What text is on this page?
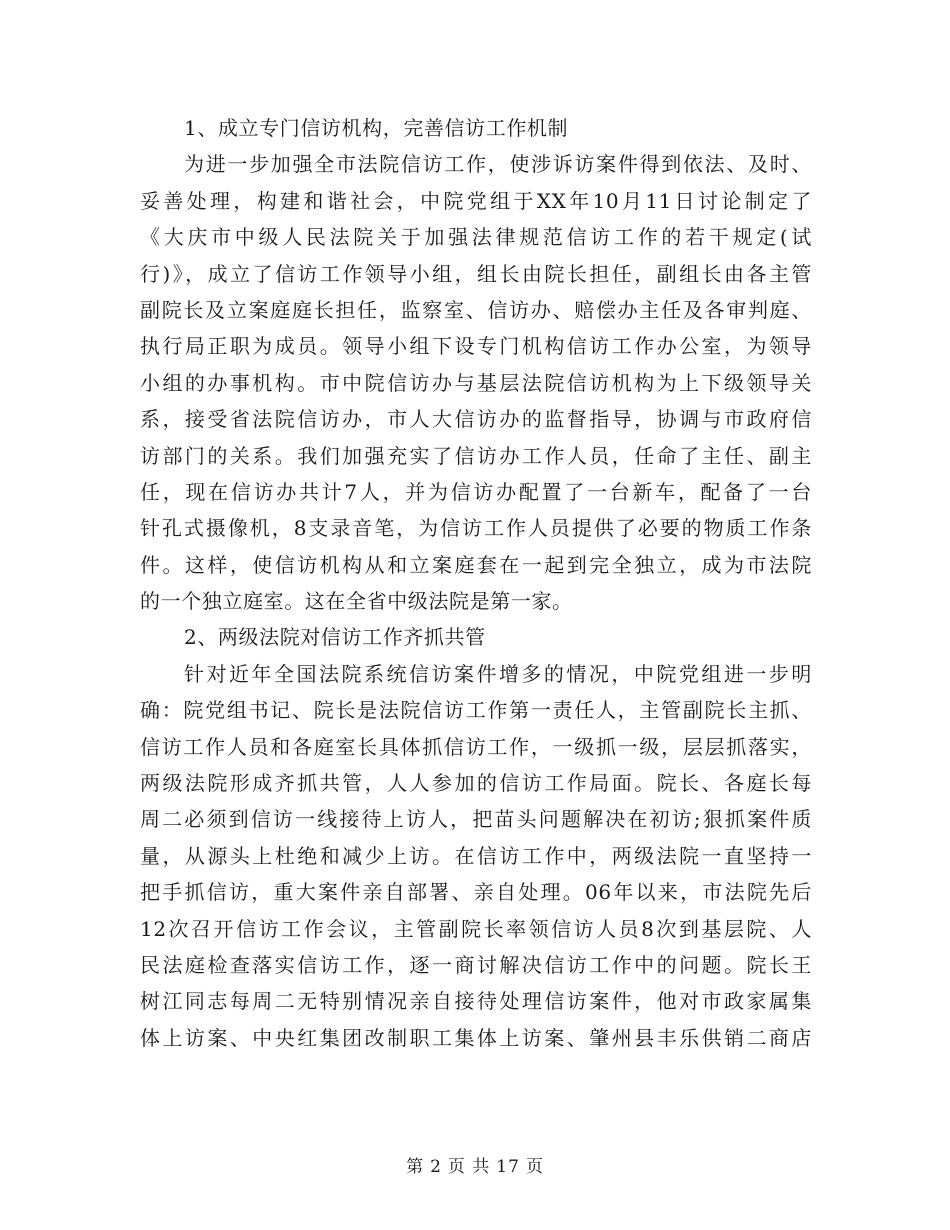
1、成立专门信访机构，完善信访工作机制
为进一步加强全市法院信访工作，使涉诉访案件得到依法、及时、
妥善处理，构建和谐社会，中院党组于XX年10月11日讨论制定了
《大庆市中级人民法院关于加强法律规范信访工作的若干规定(试
行)》，成立了信访工作领导小组，组长由院长担任，副组长由各主管
副院长及立案庭庭长担任，监察室、信访办、赔偿办主任及各审判庭、
执行局正职为成员。领导小组下设专门机构信访工作办公室，为领导
小组的办事机构。市中院信访办与基层法院信访机构为上下级领导关
系，接受省法院信访办，市人大信访办的监督指导，协调与市政府信
访部门的关系。我们加强充实了信访办工作人员，任命了主任、副主
任，现在信访办共计7人，并为信访办配置了一台新车，配备了一台
针孔式摄像机，8支录音笔，为信访工作人员提供了必要的物质工作条
件。这样，使信访机构从和立案庭套在一起到完全独立，成为市法院
的一个独立庭室。这在全省中级法院是第一家。
2、两级法院对信访工作齐抓共管
针对近年全国法院系统信访案件增多的情况，中院党组进一步明
确：院党组书记、院长是法院信访工作第一责任人，主管副院长主抓、
信访工作人员和各庭室长具体抓信访工作，一级抓一级，层层抓落实，
两级法院形成齐抓共管，人人参加的信访工作局面。院长、各庭长每
周二必须到信访一线接待上访人，把苗头问题解决在初访;狠抓案件质
量，从源头上杜绝和减少上访。在信访工作中，两级法院一直坚持一
把手抓信访，重大案件亲自部署、亲自处理。06年以来，市法院先后
12次召开信访工作会议，主管副院长率领信访人员8次到基层院、人
民法庭检查落实信访工作，逐一商讨解决信访工作中的问题。院长王
树江同志每周二无特别情况亲自接待处理信访案件，他对市政家属集
体上访案、中央红集团改制职工集体上访案、肇州县丰乐供销二商店
第 2 页 共 17 页
